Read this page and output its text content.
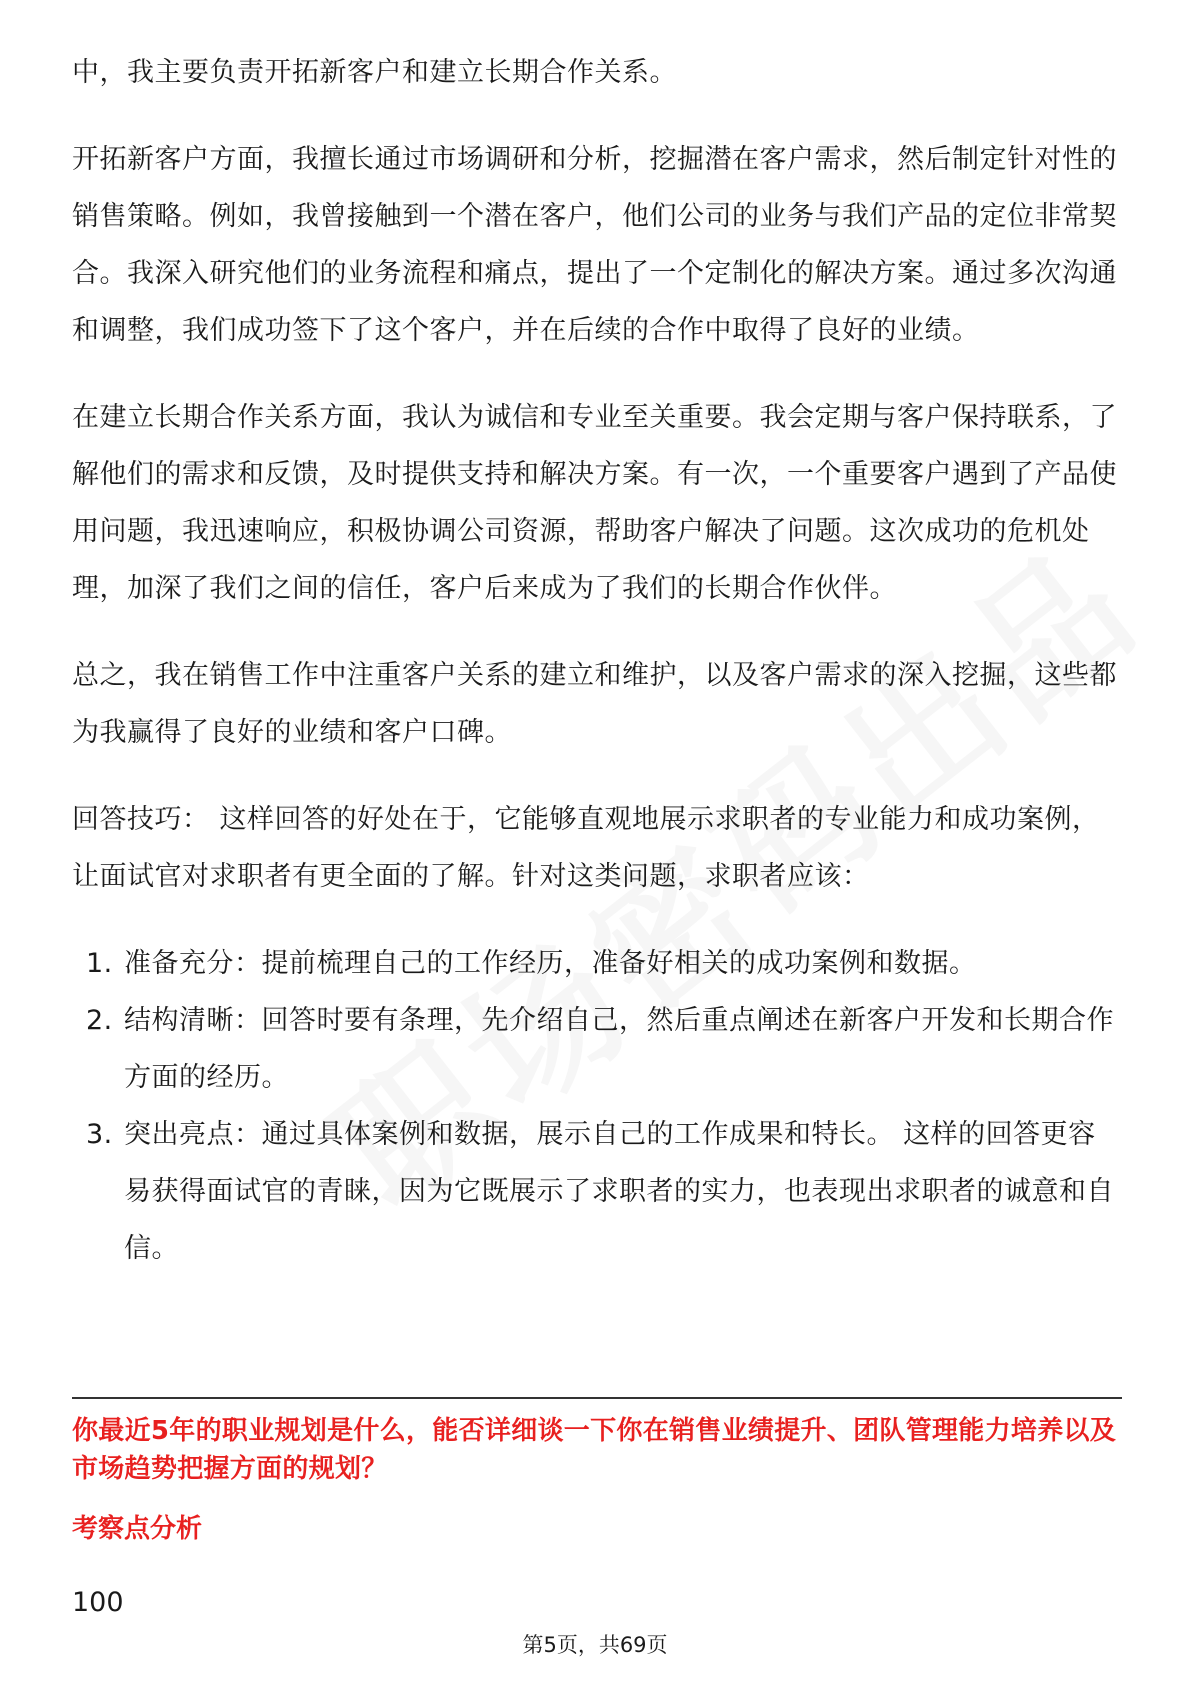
中，我主要负责开拓新客户和建立长期合作关系。

开拓新客户方面，我擅长通过市场调研和分析，挖掘潜在客户需求，然后制定针对性的销售策略。例如，我曾接触到一个潜在客户，他们公司的业务与我们产品的定位非常契合。我深入研究他们的业务流程和痛点，提出了一个定制化的解决方案。通过多次沟通和调整，我们成功签下了这个客户，并在后续的合作中取得了良好的业绩。

在建立长期合作关系方面，我认为诚信和专业至关重要。我会定期与客户保持联系，了解他们的需求和反馈，及时提供支持和解决方案。有一次，一个重要客户遇到了产品使用问题，我迅速响应，积极协调公司资源，帮助客户解决了问题。这次成功的危机处理，加深了我们之间的信任，客户后来成为了我们的长期合作伙伴。

总之，我在销售工作中注重客户关系的建立和维护，以及客户需求的深入挖掘，这些都为我赢得了良好的业绩和客户口碑。

回答技巧： 这样回答的好处在于，它能够直观地展示求职者的专业能力和成功案例，让面试官对求职者有更全面的了解。针对这类问题，求职者应该：

1. 准备充分：提前梳理自己的工作经历，准备好相关的成功案例和数据。
2. 结构清晰：回答时要有条理，先介绍自己，然后重点阐述在新客户开发和长期合作方面的经历。
3. 突出亮点：通过具体案例和数据，展示自己的工作成果和特长。 这样的回答更容易获得面试官的青睐，因为它既展示了求职者的实力，也表现出求职者的诚意和自信。
你最近5年的职业规划是什么，能否详细谈一下你在销售业绩提升、团队管理能力培养以及市场趋势把握方面的规划？
考察点分析
100
第5页，共69页
